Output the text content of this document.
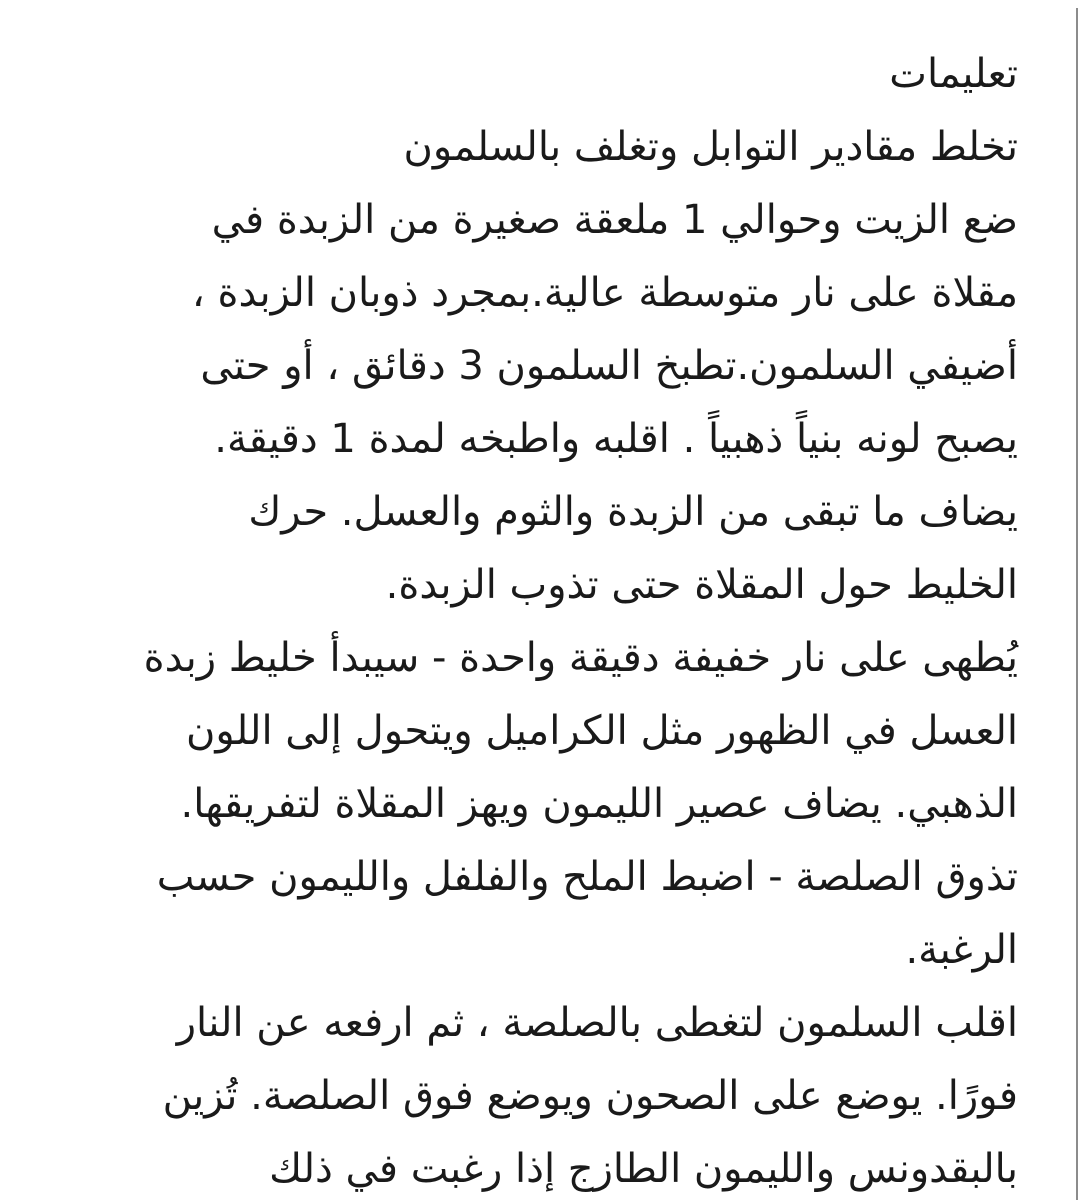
تعليمات
تخلط مقادير التوابل وتغلف بالسلمون
ضع الزيت وحوالي 1 ملعقة صغيرة من الزبدة في
مقلاة على نار متوسطة عالية.بمجرد ذوبان الزبدة ،
أضيفي السلمون.تطبخ السلمون 3 دقائق ، أو حتى
يصبح لونه بنياً ذهبياً . اقلبه واطبخه لمدة 1 دقيقة.
يضاف ما تبقى من الزبدة والثوم والعسل. حرك
الخليط حول المقلاة حتى تذوب الزبدة.
يُطهى على نار خفيفة دقيقة واحدة - سيبدأ خليط زبدة
العسل في الظهور مثل الكراميل ويتحول إلى اللون
الذهبي. يضاف عصير الليمون ويهز المقلاة لتفريقها.
تذوق الصلصة - اضبط الملح والفلفل والليمون حسب
الرغبة.
اقلب السلمون لتغطى بالصلصة ، ثم ارفعه عن النار
فورًا. يوضع على الصحون ويوضع فوق الصلصة. تُزين
بالبقدونس والليمون الطازج إذا رغبت في ذلك
